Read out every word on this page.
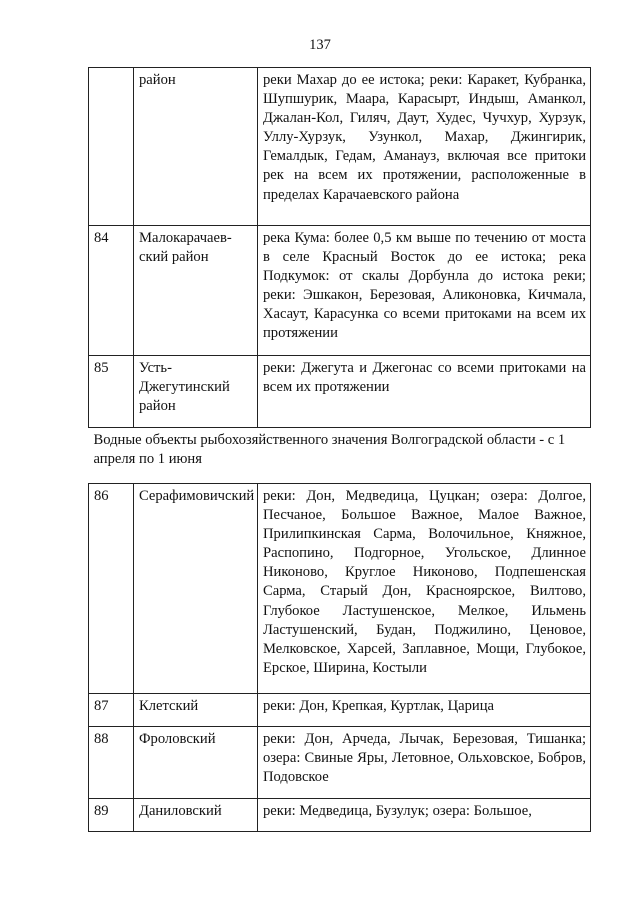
137
	район	реки Махар до ее истока; реки: Каракет, Кубранка, Шупшурик, Маара, Карасырт, Индыш, Аманкол, Джалан-Кол, Гиляч, Даут, Худес, Чучхур, Хурзук, Уллу-Хурзук, Узункол, Махар, Джингирик, Гемалдык, Гедам, Аманауз, включая все притоки рек на всем их протяжении, расположенные в пределах Карачаевского района
84	Малокарачаев-ский район	река Кума: более 0,5 км выше по течению от моста в селе Красный Восток до ее истока; река Подкумок: от скалы Дорбунла до истока реки; реки: Эшкакон, Березовая, Аликоновка, Кичмала, Хасаут, Карасунка со всеми притоками на всем их протяжении
85	Усть-Джегутинский район	реки: Джегута и Джегонас со всеми притоками на всем их протяжении
Водные объекты рыбохозяйственного значения Волгоградской области - с 1 апреля по 1 июня		
86	Серафимовичский	реки: Дон, Медведица, Цуцкан; озера: Долгое, Песчаное, Большое Важное, Малое Важное, Прилипкинская Сарма, Волочильное, Княжное, Распопино, Подгорное, Угольское, Длинное Никоново, Круглое Никоново, Подпешенская Сарма, Старый Дон, Красноярское, Вилтово, Глубокое Ластушенское, Мелкое, Ильмень Ластушенский, Будан, Поджилино, Ценовое, Мелковское, Харсей, Заплавное, Мощи, Глубокое, Ерское, Ширина, Костыли
87	Клетский	реки: Дон, Крепкая, Куртлак, Царица
88	Фроловский	реки: Дон, Арчеда, Лычак, Березовая, Тишанка; озера: Свиные Яры, Летовное, Ольховское, Бобров, Подовское
89	Даниловский	реки: Медведица, Бузулук; озера: Большое,
